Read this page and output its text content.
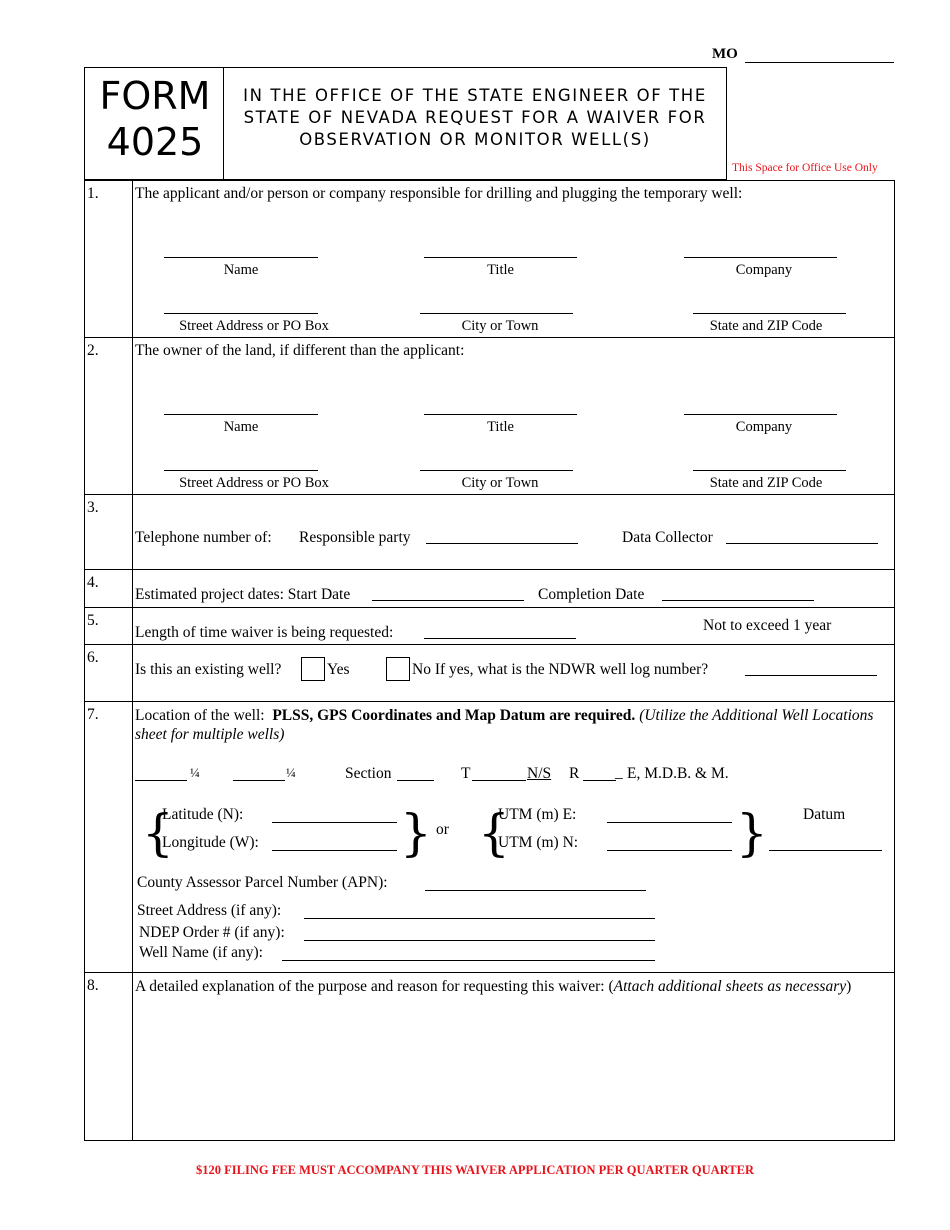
MO
FORM
4025
IN THE OFFICE OF THE STATE ENGINEER OF THE
STATE OF NEVADA REQUEST FOR A WAIVER FOR
OBSERVATION OR MONITOR WELL(S)
This Space for Office Use Only
1. The applicant and/or person or company responsible for drilling and plugging the temporary well:
Name	Title	Company
Street Address or PO Box	City or Town	State and ZIP Code
2. The owner of the land, if different than the applicant:
Name	Title	Company
Street Address or PO Box	City or Town	State and ZIP Code
3.
Telephone number of: Responsible party	Data Collector
4.
Estimated project dates: Start Date	Completion Date
5.
Length of time waiver is being requested:	Not to exceed 1 year
6.
Is this an existing well?	Yes	No If yes, what is the NDWR well log number?
7. Location of the well: PLSS, GPS Coordinates and Map Datum are required. (Utilize the Additional Well Locations sheet for multiple wells)
¼	¼	Section	T	N/S R _ E, M.D.B. & M.
{
Latitude (N):
Longitude (W):	} or {
UTM (m) E:
UTM (m) N:	} Datum
County Assessor Parcel Number (APN):
Street Address (if any):
NDEP Order # (if any):
Well Name (if any):
8. A detailed explanation of the purpose and reason for requesting this waiver: (Attach additional sheets as necessary)
$120 FILING FEE MUST ACCOMPANY THIS WAIVER APPLICATION PER QUARTER QUARTER
